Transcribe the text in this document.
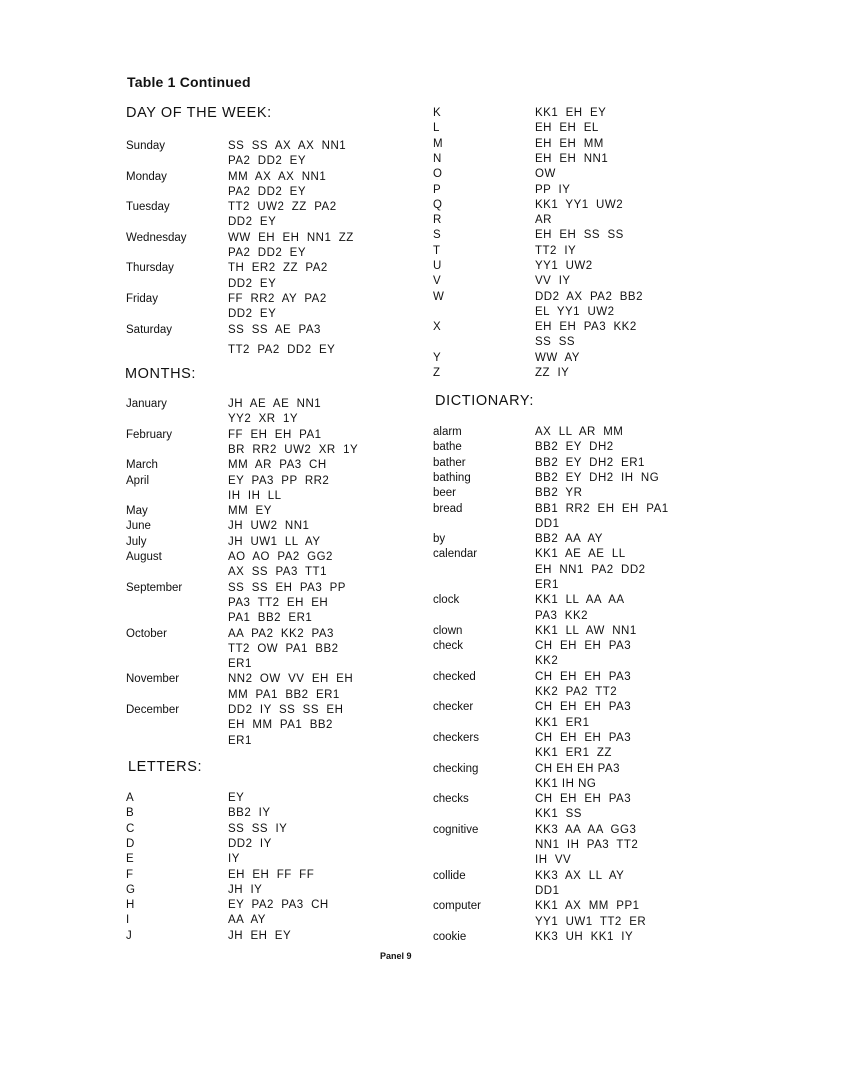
Table 1 Continued
DAY OF THE WEEK:
Sunday	SS  SS  AX  AX  NN1
PA2  DD2  EY
Monday	MM  AX  AX  NN1
PA2  DD2  EY
Tuesday	TT2  UW2  ZZ  PA2
DD2  EY
Wednesday	WW  EH  EH  NN1  ZZ
PA2  DD2  EY
Thursday	TH  ER2  ZZ  PA2
DD2  EY
Friday	FF  RR2  AY  PA2
DD2  EY
Saturday	SS  SS  AE  PA3
TT2  PA2  DD2  EY
MONTHS:
January	JH  AE  AE  NN1
YY2  XR  1Y
February	FF  EH  EH  PA1
BR  RR2  UW2  XR  1Y
March	MM  AR  PA3  CH
April	EY  PA3  PP  RR2
IH  IH  LL
May	MM  EY
June	JH  UW2  NN1
July	JH  UW1  LL  AY
August	AO  AO  PA2  GG2
AX  SS  PA3  TT1
September	SS  SS  EH  PA3  PP
PA3  TT2  EH  EH
PA1  BB2  ER1
October	AA  PA2  KK2  PA3
TT2  OW  PA1  BB2
ER1
November	NN2  OW  VV  EH  EH
MM  PA1  BB2  ER1
December	DD2  IY  SS  SS  EH
EH  MM  PA1  BB2
ER1
LETTERS:
A	EY
B	BB2  IY
C	SS  SS  IY
D	DD2  IY
E	IY
F	EH  EH  FF  FF
G	JH  IY
H	EY  PA2  PA3  CH
I	AA  AY
J	JH  EH  EY
K	KK1  EH  EY
L	EH  EH  EL
M	EH  EH  MM
N	EH  EH  NN1
O	OW
P	PP  IY
Q	KK1  YY1  UW2
R	AR
S	EH  EH  SS  SS
T	TT2  IY
U	YY1  UW2
V	VV  IY
W	DD2  AX  PA2  BB2
EL  YY1  UW2
X	EH  EH  PA3  KK2
SS  SS
Y	WW  AY
Z	ZZ  IY
DICTIONARY:
alarm	AX  LL  AR  MM
bathe	BB2  EY  DH2
bather	BB2  EY  DH2  ER1
bathing	BB2  EY  DH2  IH  NG
beer	BB2  YR
bread	BB1  RR2  EH  EH  PA1
DD1
by	BB2  AA  AY
calendar	KK1  AE  AE  LL
EH  NN1  PA2  DD2
ER1
clock	KK1  LL  AA  AA
PA3  KK2
clown	KK1  LL  AW  NN1
check	CH  EH  EH  PA3
KK2
checked	CH  EH  EH  PA3
KK2  PA2  TT2
checker	CH  EH  EH  PA3
KK1  ER1
checkers	CH  EH  EH  PA3
KK1  ER1  ZZ
checking	CH EH EH PA3
KK1 IH NG
checks	CH  EH  EH  PA3
KK1  SS
cognitive	KK3  AA  AA  GG3
NN1  IH  PA3  TT2
IH  VV
collide	KK3  AX  LL  AY
DD1
computer	KK1  AX  MM  PP1
YY1  UW1  TT2  ER
cookie	KK3  UH  KK1  IY
Panel 9
